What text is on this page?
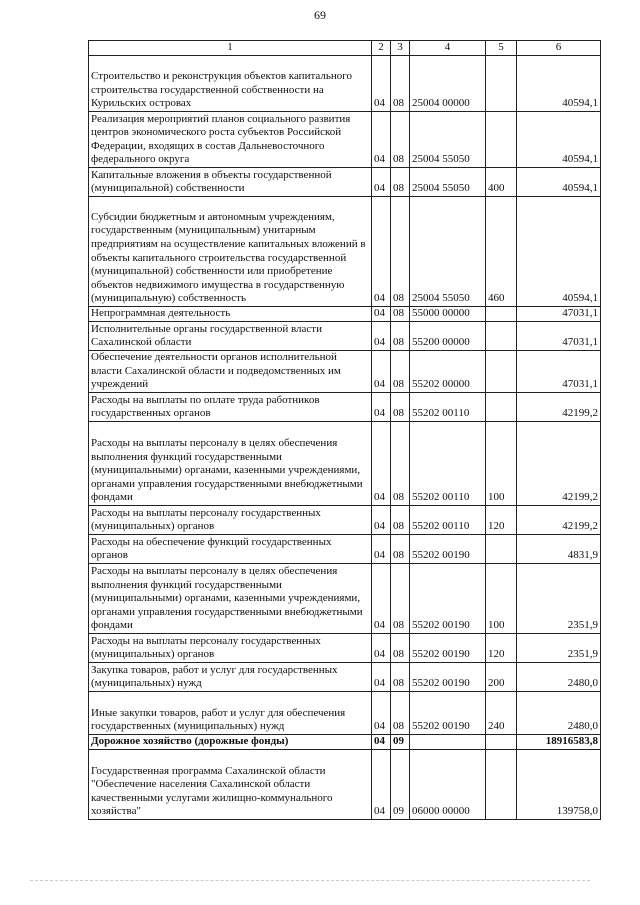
69
1	2	3	4	5	6
Строительство и реконструкция объектов капитального строительства государственной собственности на Курильских островах	04	08	25004 00000		40594,1
Реализация мероприятий планов социального развития центров экономического роста субъектов Российской Федерации, входящих в состав Дальневосточного федерального округа	04	08	25004 55050		40594,1
Капитальные вложения в объекты государственной (муниципальной) собственности	04	08	25004 55050	400	40594,1
Субсидии бюджетным и автономным учреждениям, государственным (муниципальным) унитарным предприятиям на осуществление капитальных вложений в объекты капитального строительства государственной (муниципальной) собственности или приобретение объектов недвижимого имущества в государственную (муниципальную) собственность	04	08	25004 55050	460	40594,1
Непрограммная деятельность	04	08	55000 00000		47031,1
Исполнительные органы государственной власти Сахалинской области	04	08	55200 00000		47031,1
Обеспечение деятельности органов исполнительной власти Сахалинской области и подведомственных им учреждений	04	08	55202 00000		47031,1
Расходы на выплаты по оплате труда работников государственных органов	04	08	55202 00110		42199,2
Расходы на выплаты персоналу в целях обеспечения выполнения функций государственными (муниципальными) органами, казенными учреждениями, органами управления государственными внебюджетными фондами	04	08	55202 00110	100	42199,2
Расходы на выплаты персоналу государственных (муниципальных) органов	04	08	55202 00110	120	42199,2
Расходы на обеспечение функций государственных органов	04	08	55202 00190		4831,9
Расходы на выплаты персоналу в целях обеспечения выполнения функций государственными (муниципальными) органами, казенными учреждениями, органами управления государственными внебюджетными фондами	04	08	55202 00190	100	2351,9
Расходы на выплаты персоналу государственных (муниципальных) органов	04	08	55202 00190	120	2351,9
Закупка товаров, работ и услуг для государственных (муниципальных) нужд	04	08	55202 00190	200	2480,0
Иные закупки товаров, работ и услуг для обеспечения государственных (муниципальных) нужд	04	08	55202 00190	240	2480,0
Дорожное хозяйство (дорожные фонды)	04	09			18916583,8
Государственная программа Сахалинской области "Обеспечение населения Сахалинской области качественными услугами жилищно-коммунального хозяйства"	04	09	06000 00000		139758,0
